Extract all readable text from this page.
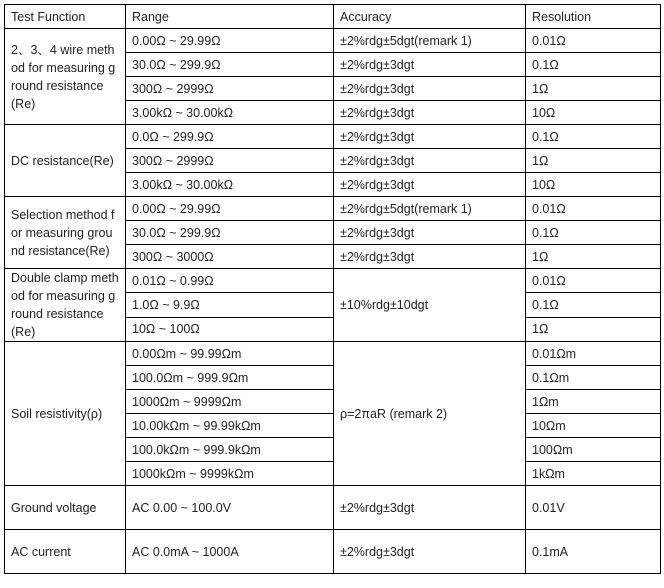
Test Function	Range	Accuracy	Resolution
2、3、4 wire method for measuring ground resistance (Re)	0.00Ω ~ 29.99Ω	±2%rdg±5dgt(remark 1)	0.01Ω
	30.0Ω ~ 299.9Ω	±2%rdg±3dgt	0.1Ω
	300Ω ~ 2999Ω	±2%rdg±3dgt	1Ω
	3.00kΩ ~ 30.00kΩ	±2%rdg±3dgt	10Ω
DC resistance(Re)	0.0Ω ~ 299.9Ω	±2%rdg±3dgt	0.1Ω
	300Ω ~ 2999Ω	±2%rdg±3dgt	1Ω
	3.00kΩ ~ 30.00kΩ	±2%rdg±3dgt	10Ω
Selection method for measuring ground resistance(Re)	0.00Ω ~ 29.99Ω	±2%rdg±5dgt(remark 1)	0.01Ω
	30.0Ω ~ 299.9Ω	±2%rdg±3dgt	0.1Ω
	300Ω ~ 3000Ω	±2%rdg±3dgt	1Ω
Double clamp method for measuring ground resistance (Re)	0.01Ω ~ 0.99Ω	±10%rdg±10dgt	0.01Ω
	1.0Ω ~ 9.9Ω		0.1Ω
	10Ω ~ 100Ω		1Ω
Soil resistivity(ρ)	0.00Ωm ~ 99.99Ωm	ρ=2πaR (remark 2)	0.01Ωm
	100.0Ωm ~ 999.9Ωm		0.1Ωm
	1000Ωm ~ 9999Ωm		1Ωm
	10.00kΩm ~ 99.99kΩm		10Ωm
	100.0kΩm ~ 999.9kΩm		100Ωm
	1000kΩm ~ 9999kΩm		1kΩm
Ground voltage	AC 0.00 ~ 100.0V	±2%rdg±3dgt	0.01V
AC current	AC 0.0mA ~ 1000A	±2%rdg±3dgt	0.1mA
